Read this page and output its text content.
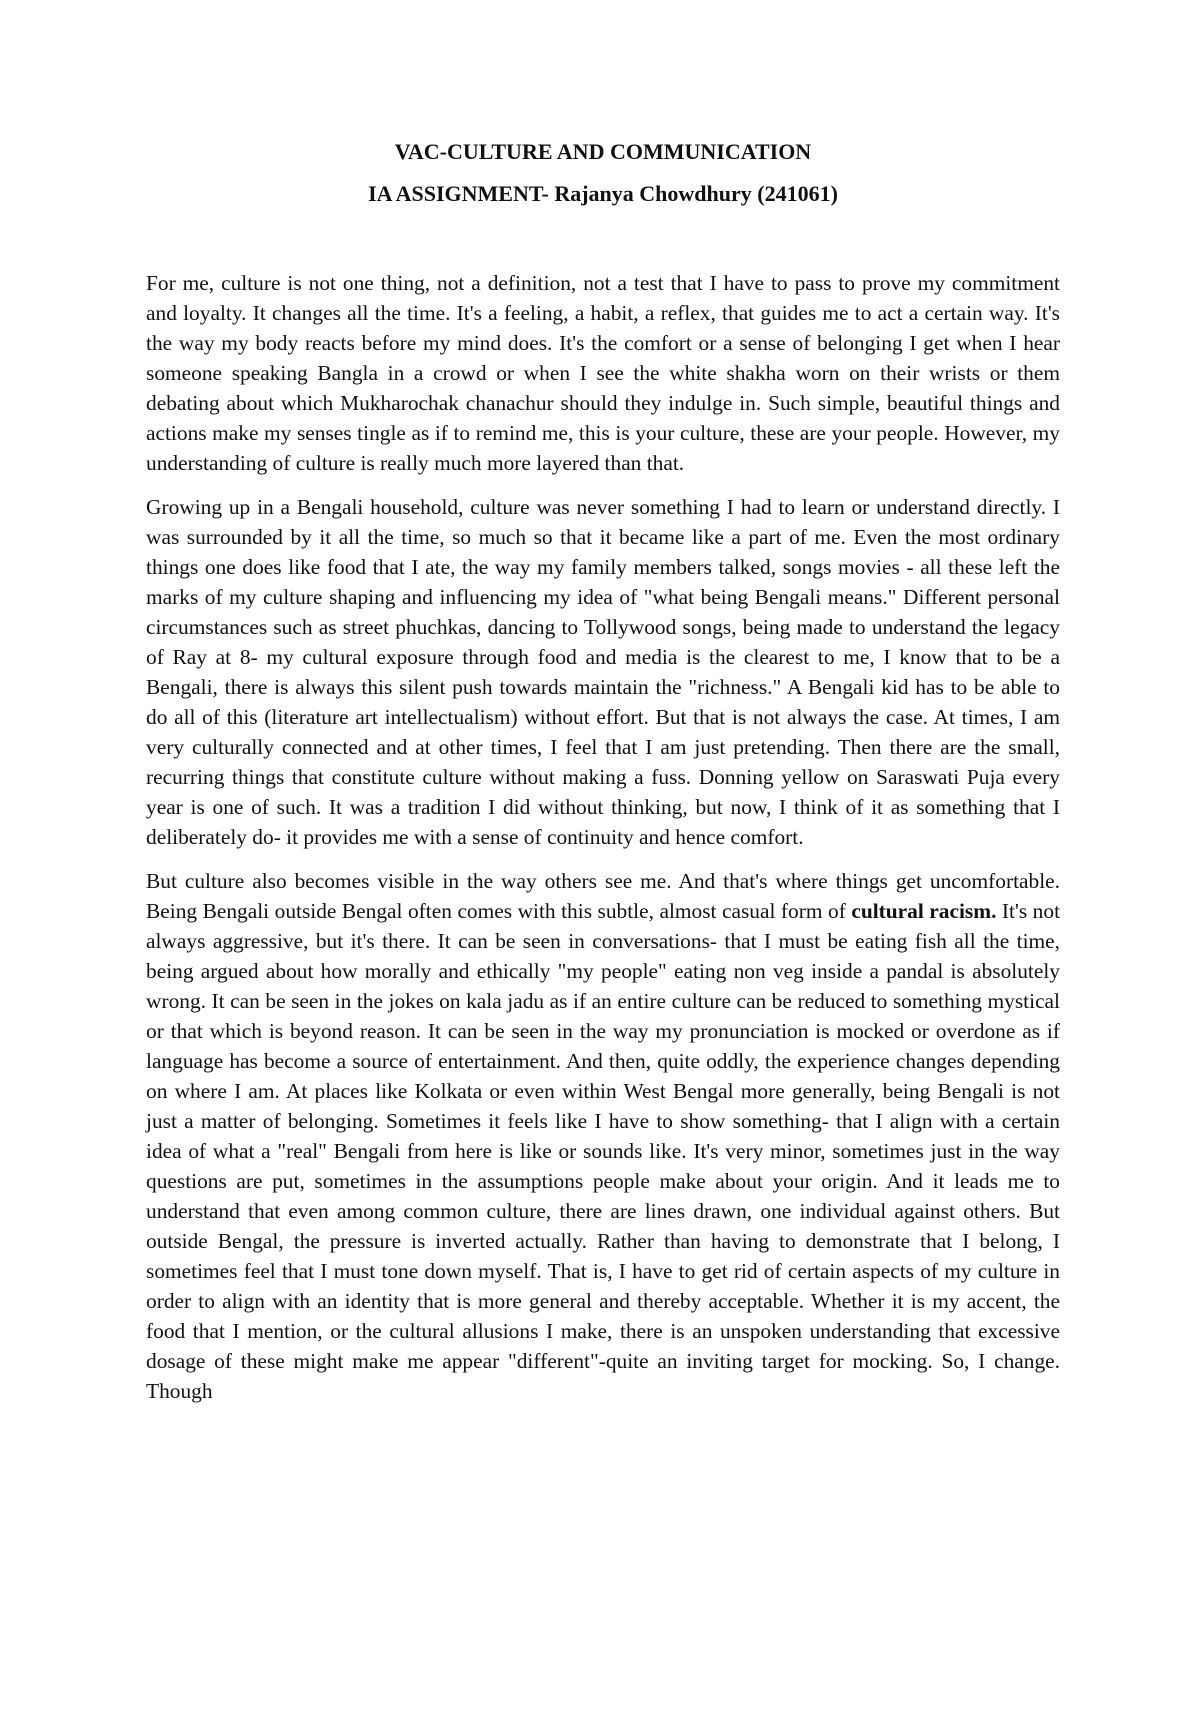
VAC-CULTURE AND COMMUNICATION
IA ASSIGNMENT- Rajanya Chowdhury (241061)

For me, culture is not one thing, not a definition, not a test that I have to pass to prove my commitment and loyalty. It changes all the time. It's a feeling, a habit, a reflex, that guides me to act a certain way. It's the way my body reacts before my mind does. It's the comfort or a sense of belonging I get when I hear someone speaking Bangla in a crowd or when I see the white shakha worn on their wrists or them debating about which Mukharochak chanachur should they indulge in. Such simple, beautiful things and actions make my senses tingle as if to remind me, this is your culture, these are your people. However, my understanding of culture is really much more layered than that.

Growing up in a Bengali household, culture was never something I had to learn or understand directly. I was surrounded by it all the time, so much so that it became like a part of me. Even the most ordinary things one does like food that I ate, the way my family members talked, songs movies - all these left the marks of my culture shaping and influencing my idea of "what being Bengali means." Different personal circumstances such as street phuchkas, dancing to Tollywood songs, being made to understand the legacy of Ray at 8- my cultural exposure through food and media is the clearest to me, I know that to be a Bengali, there is always this silent push towards maintain the "richness." A Bengali kid has to be able to do all of this (literature art intellectualism) without effort. But that is not always the case. At times, I am very culturally connected and at other times, I feel that I am just pretending. Then there are the small, recurring things that constitute culture without making a fuss. Donning yellow on Saraswati Puja every year is one of such. It was a tradition I did without thinking, but now, I think of it as something that I deliberately do- it provides me with a sense of continuity and hence comfort.

But culture also becomes visible in the way others see me. And that's where things get uncomfortable. Being Bengali outside Bengal often comes with this subtle, almost casual form of cultural racism. It's not always aggressive, but it's there. It can be seen in conversations- that I must be eating fish all the time, being argued about how morally and ethically "my people" eating non veg inside a pandal is absolutely wrong. It can be seen in the jokes on kala jadu as if an entire culture can be reduced to something mystical or that which is beyond reason. It can be seen in the way my pronunciation is mocked or overdone as if language has become a source of entertainment. And then, quite oddly, the experience changes depending on where I am. At places like Kolkata or even within West Bengal more generally, being Bengali is not just a matter of belonging. Sometimes it feels like I have to show something- that I align with a certain idea of what a "real" Bengali from here is like or sounds like. It's very minor, sometimes just in the way questions are put, sometimes in the assumptions people make about your origin. And it leads me to understand that even among common culture, there are lines drawn, one individual against others. But outside Bengal, the pressure is inverted actually. Rather than having to demonstrate that I belong, I sometimes feel that I must tone down myself. That is, I have to get rid of certain aspects of my culture in order to align with an identity that is more general and thereby acceptable. Whether it is my accent, the food that I mention, or the cultural allusions I make, there is an unspoken understanding that excessive dosage of these might make me appear "different"-quite an inviting target for mocking. So, I change. Though
